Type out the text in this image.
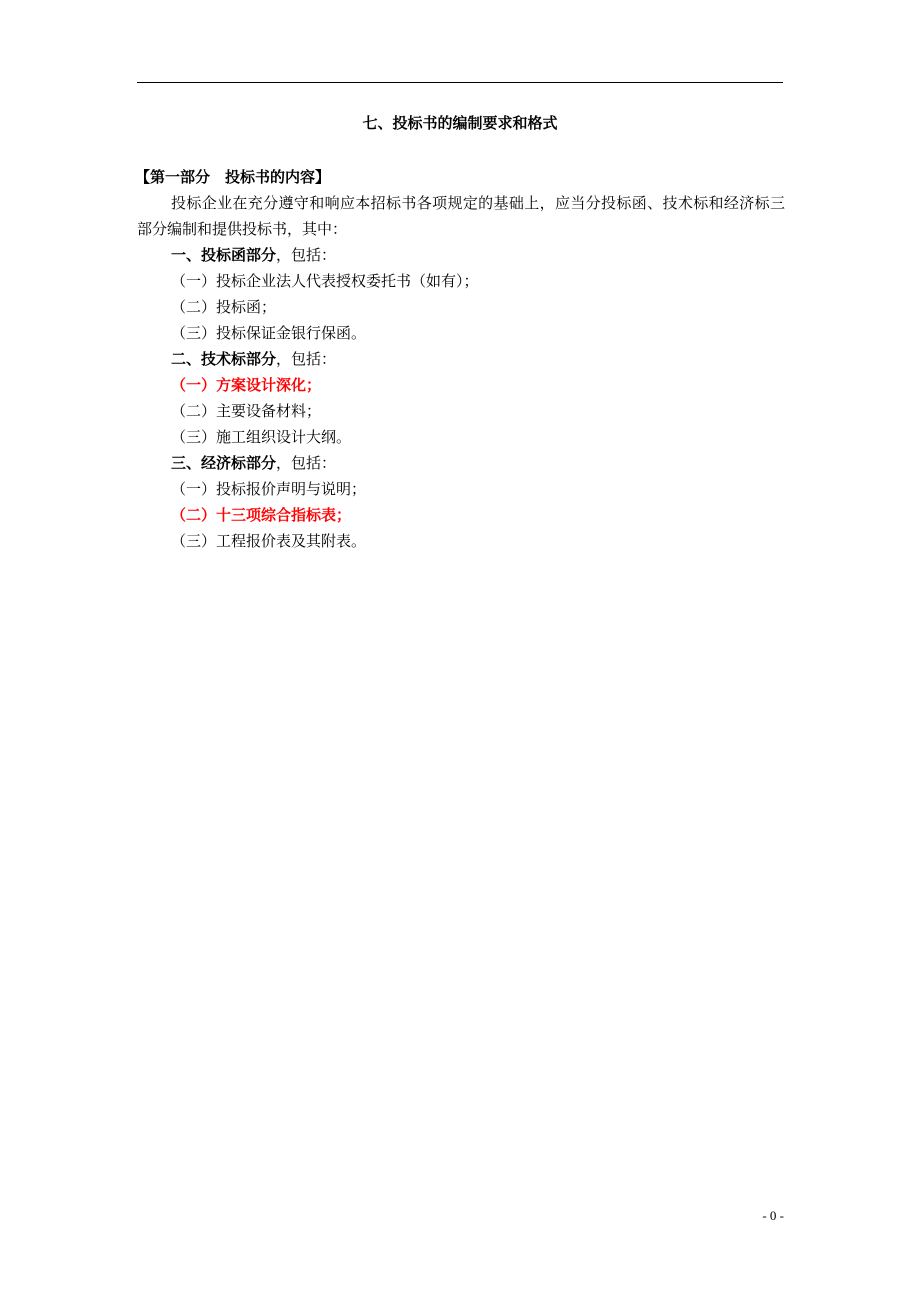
七、投标书的编制要求和格式
【第一部分　投标书的内容】
投标企业在充分遵守和响应本招标书各项规定的基础上，应当分投标函、技术标和经济标三部分编制和提供投标书，其中：
一、投标函部分，包括：
（一）投标企业法人代表授权委托书（如有）；
（二）投标函；
（三）投标保证金银行保函。
二、技术标部分，包括：
（一）方案设计深化；
（二）主要设备材料；
（三）施工组织设计大纲。
三、经济标部分，包括：
（一）投标报价声明与说明；
（二）十三项综合指标表；
（三）工程报价表及其附表。
- 0 -
